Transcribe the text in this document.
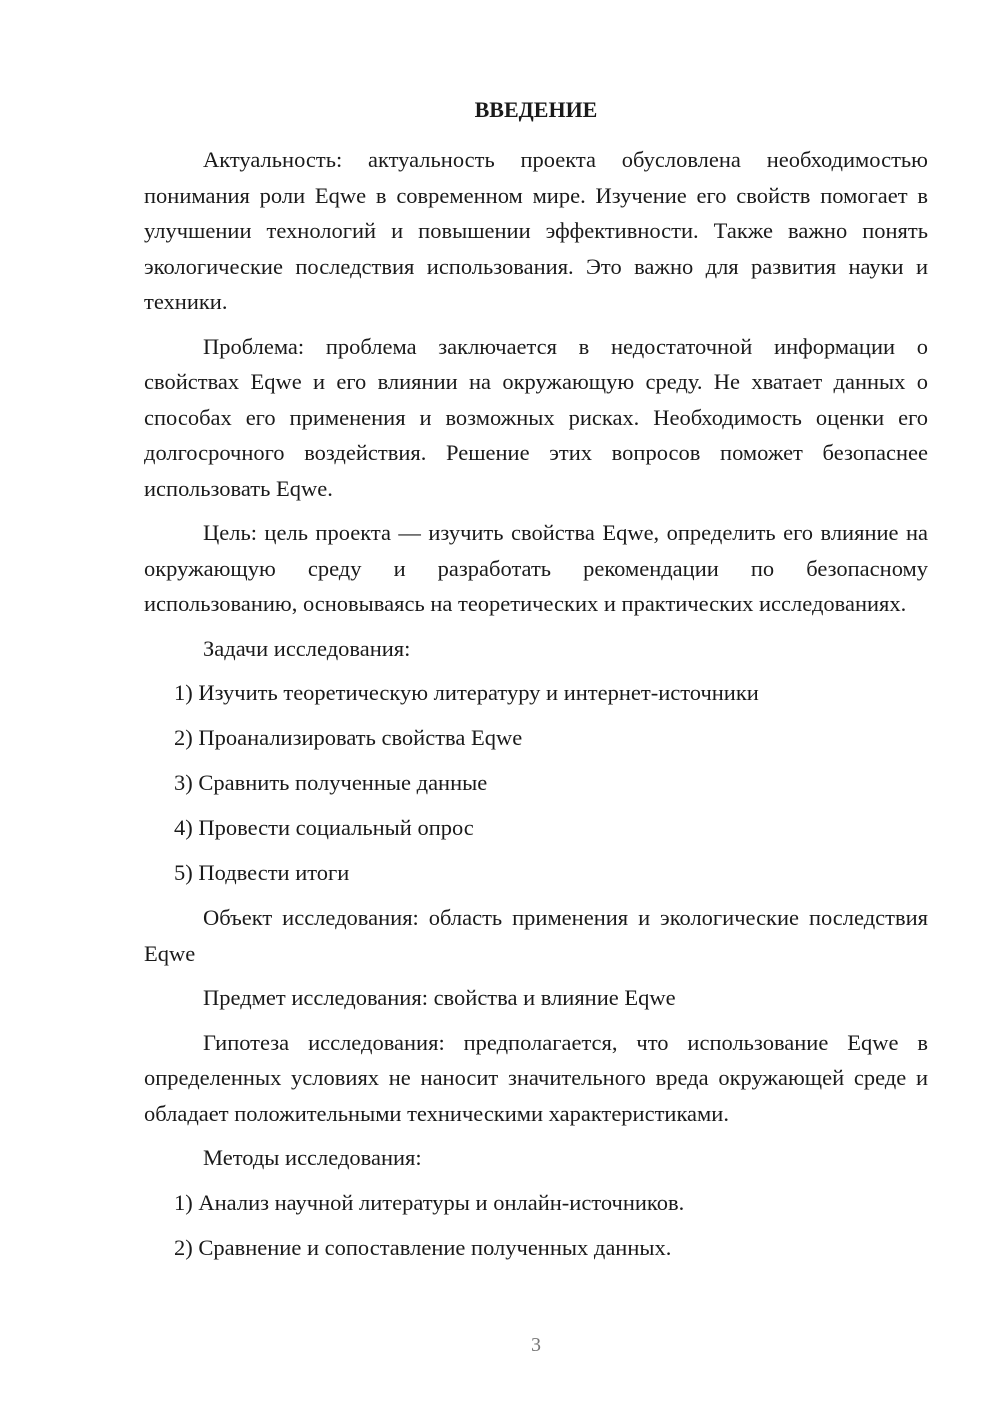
ВВЕДЕНИЕ

Актуальность: актуальность проекта обусловлена необходимостью понимания роли Eqwe в современном мире. Изучение его свойств помогает в улучшении технологий и повышении эффективности. Также важно понять экологические последствия использования. Это важно для развития науки и техники.

Проблема: проблема заключается в недостаточной информации о свойствах Eqwe и его влиянии на окружающую среду. Не хватает данных о способах его применения и возможных рисках. Необходимость оценки его долгосрочного воздействия. Решение этих вопросов поможет безопаснее использовать Eqwe.

Цель: цель проекта — изучить свойства Eqwe, определить его влияние на окружающую среду и разработать рекомендации по безопасному использованию, основываясь на теоретических и практических исследованиях.

Задачи исследования:

1) Изучить теоретическую литературу и интернет-источники

2) Проанализировать свойства Eqwe

3) Сравнить полученные данные

4) Провести социальный опрос

5) Подвести итоги

Объект исследования: область применения и экологические последствия Eqwe

Предмет исследования: свойства и влияние Eqwe

Гипотеза исследования: предполагается, что использование Eqwe в определенных условиях не наносит значительного вреда окружающей среде и обладает положительными техническими характеристиками.

Методы исследования:

1) Анализ научной литературы и онлайн-источников.

2) Сравнение и сопоставление полученных данных.

3
